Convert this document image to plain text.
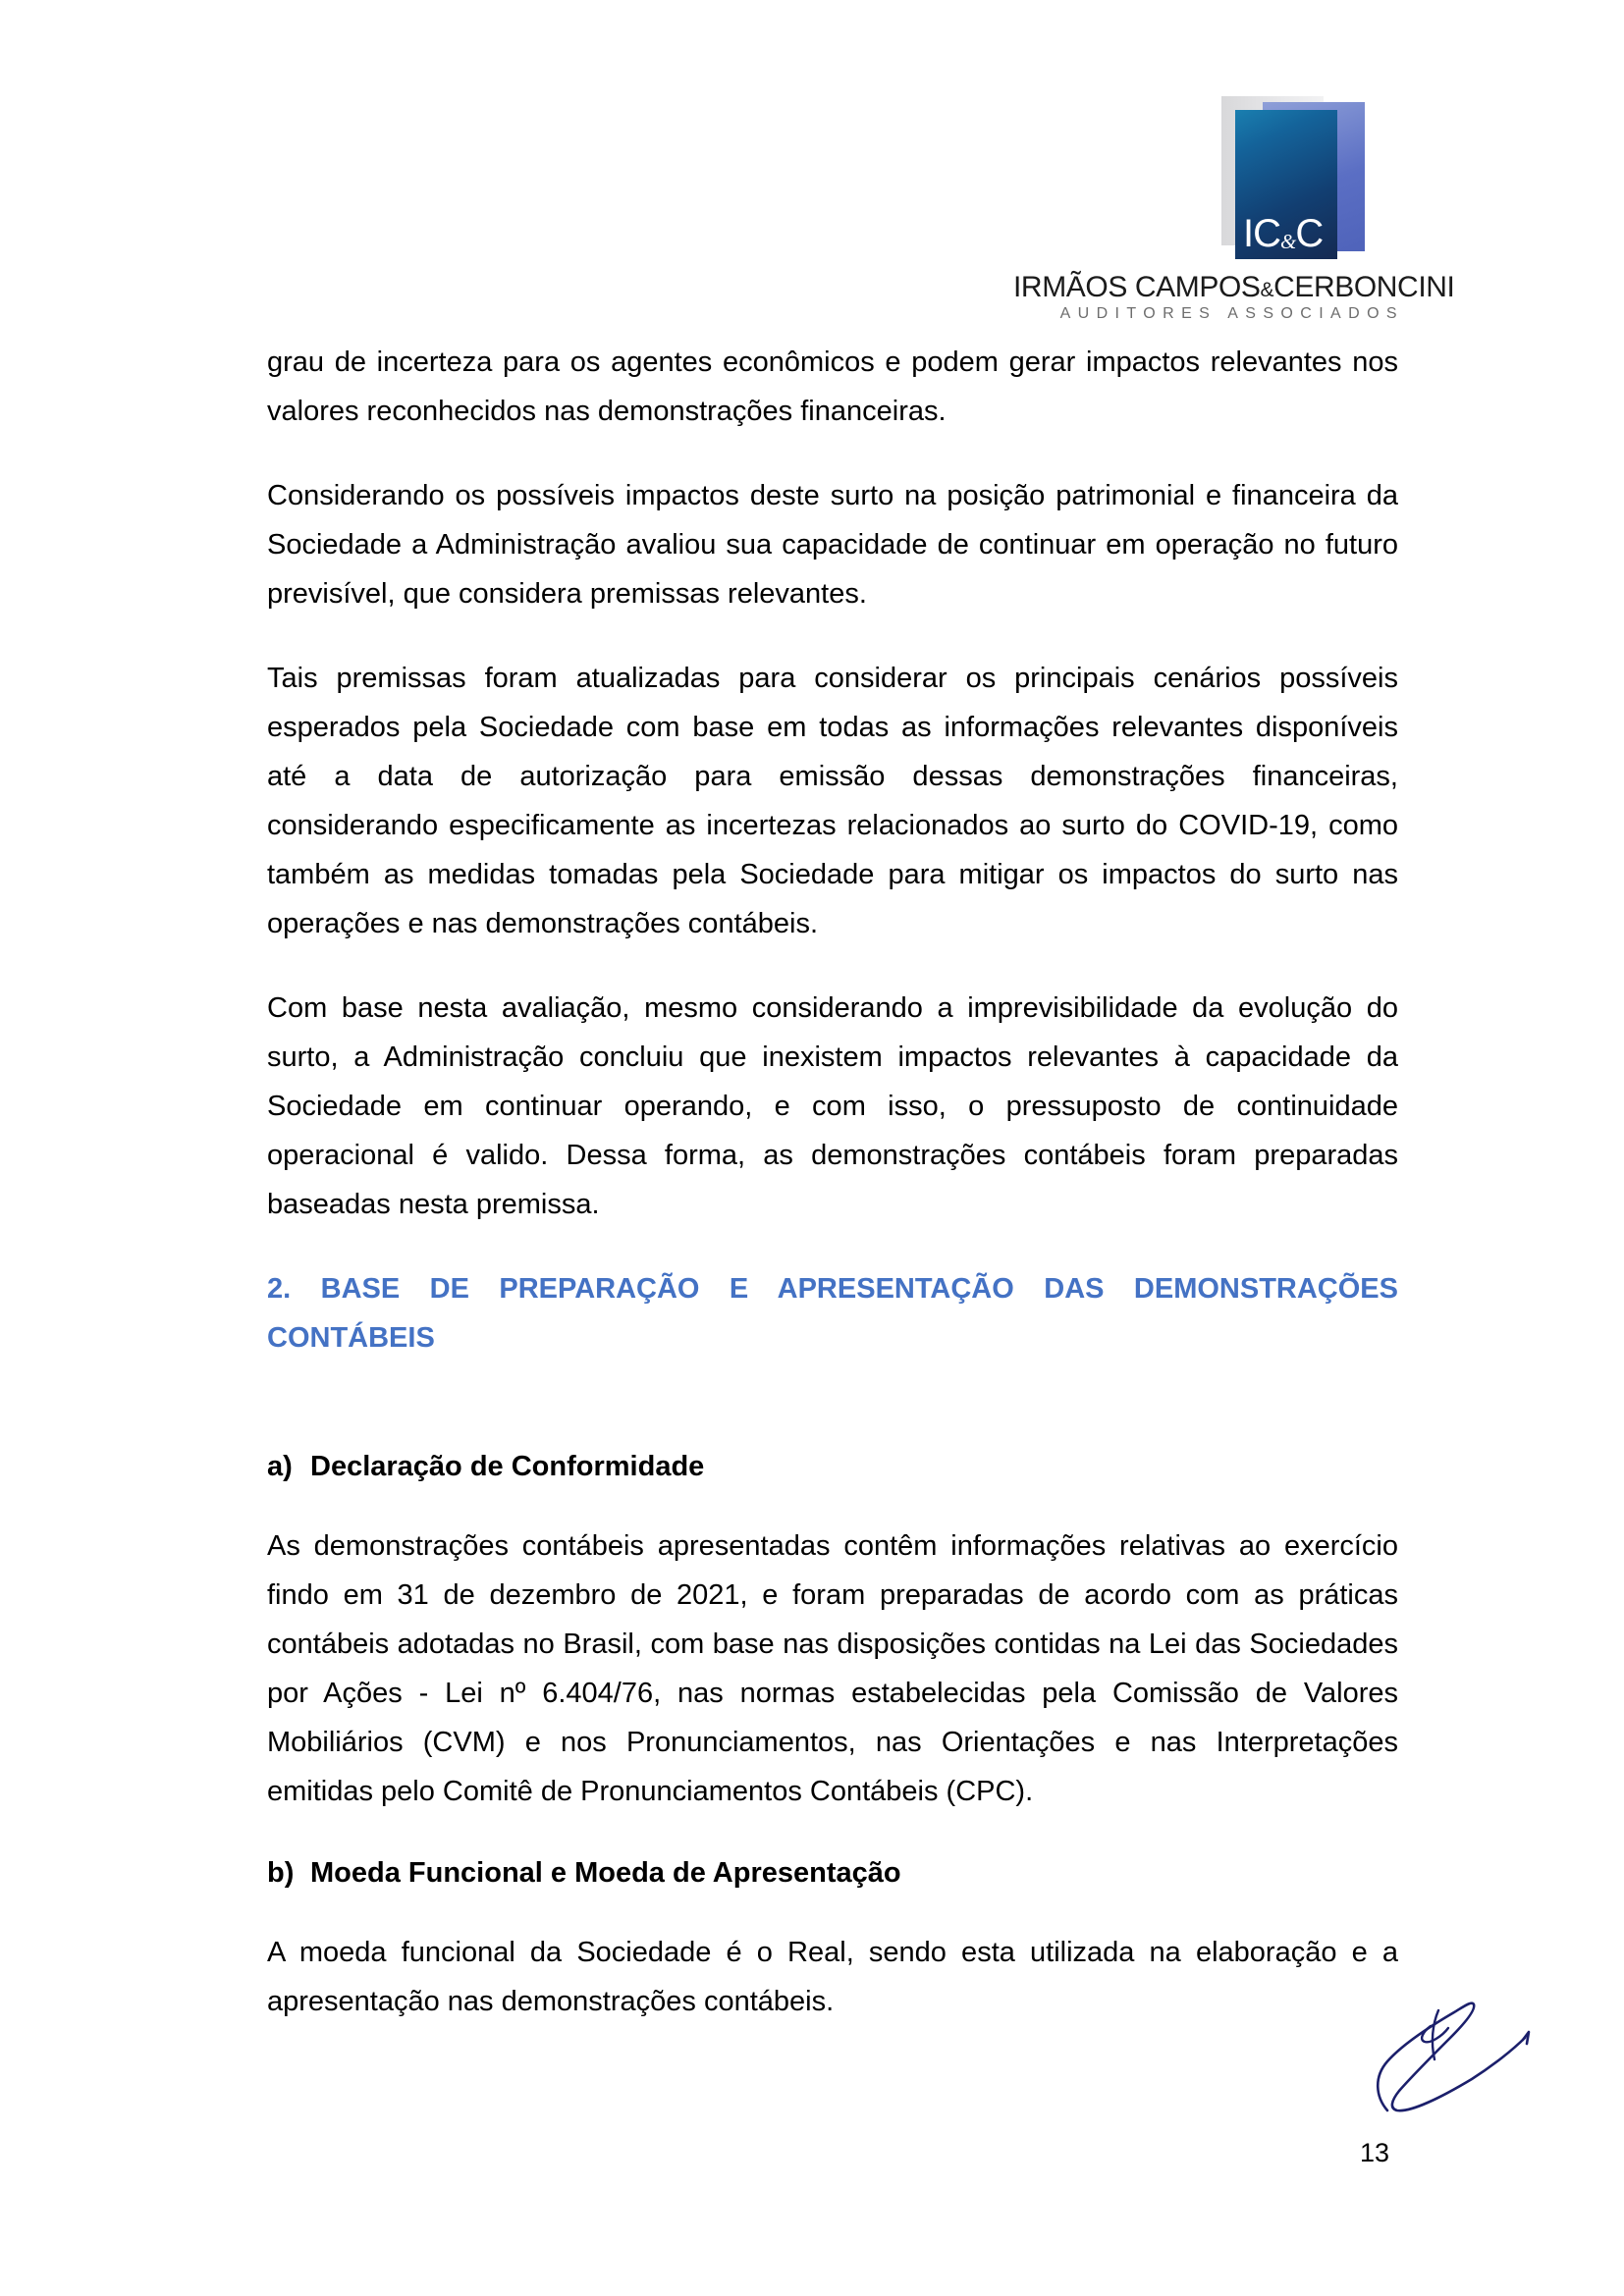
IC&C
IRMÃOS CAMPOS&CERBONCINI
AUDITORES ASSOCIADOS

grau de incerteza para os agentes econômicos e podem gerar impactos relevantes nos valores reconhecidos nas demonstrações financeiras.

Considerando os possíveis impactos deste surto na posição patrimonial e financeira da Sociedade a Administração avaliou sua capacidade de continuar em operação no futuro previsível, que considera premissas relevantes.

Tais premissas foram atualizadas para considerar os principais cenários possíveis esperados pela Sociedade com base em todas as informações relevantes disponíveis até a data de autorização para emissão dessas demonstrações financeiras, considerando especificamente as incertezas relacionados ao surto do COVID-19, como também as medidas tomadas pela Sociedade para mitigar os impactos do surto nas operações e nas demonstrações contábeis.

Com base nesta avaliação, mesmo considerando a imprevisibilidade da evolução do surto, a Administração concluiu que inexistem impactos relevantes à capacidade da Sociedade em continuar operando, e com isso, o pressuposto de continuidade operacional é valido. Dessa forma, as demonstrações contábeis foram preparadas baseadas nesta premissa.

2. BASE DE PREPARAÇÃO E APRESENTAÇÃO DAS DEMONSTRAÇÕES CONTÁBEIS
a) Declaração de Conformidade

As demonstrações contábeis apresentadas contêm informações relativas ao exercício findo em 31 de dezembro de 2021, e foram preparadas de acordo com as práticas contábeis adotadas no Brasil, com base nas disposições contidas na Lei das Sociedades por Ações - Lei nº 6.404/76, nas normas estabelecidas pela Comissão de Valores Mobiliários (CVM) e nos Pronunciamentos, nas Orientações e nas Interpretações emitidas pelo Comitê de Pronunciamentos Contábeis (CPC).

b) Moeda Funcional e Moeda de Apresentação

A moeda funcional da Sociedade é o Real, sendo esta utilizada na elaboração e a apresentação nas demonstrações contábeis.

13
